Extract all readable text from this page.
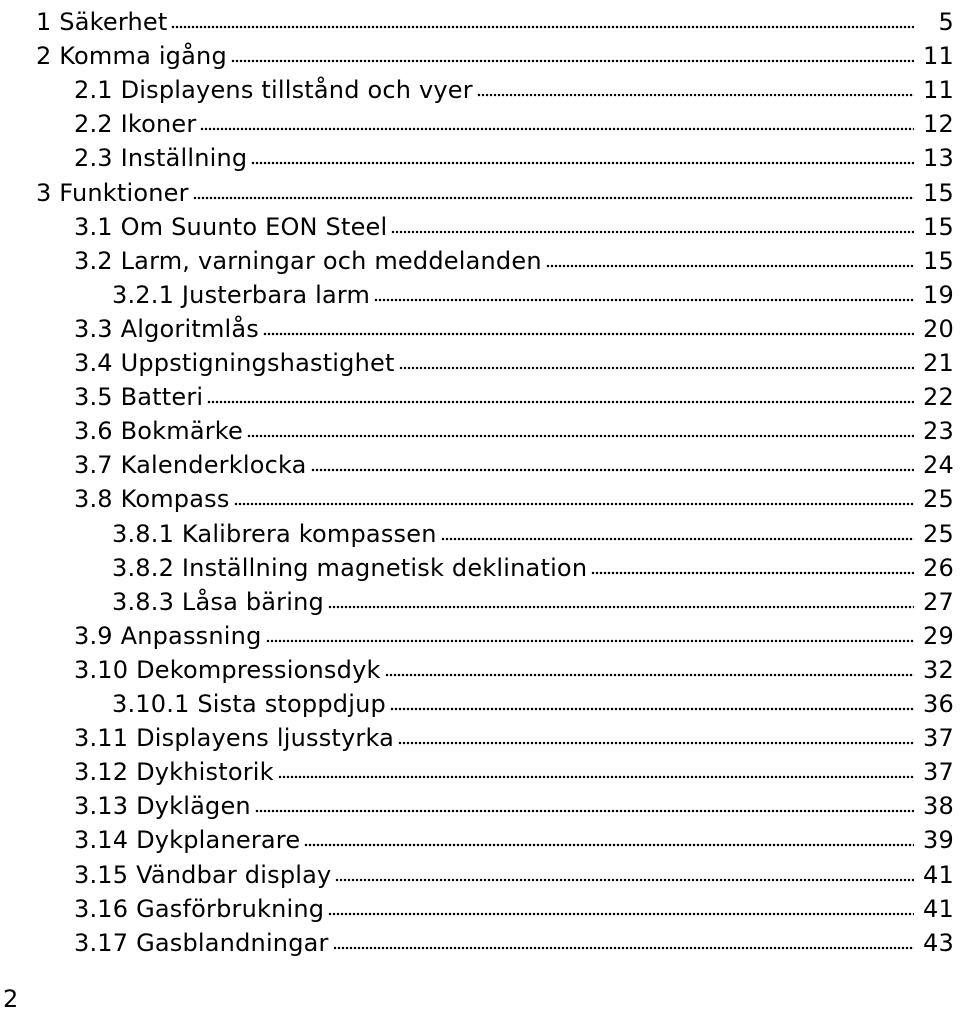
1 Säkerhet	5
2 Komma igång	11
2.1 Displayens tillstånd och vyer	11
2.2 Ikoner	12
2.3 Inställning	13
3 Funktioner	15
3.1 Om Suunto EON Steel	15
3.2 Larm, varningar och meddelanden	15
3.2.1 Justerbara larm	19
3.3 Algoritmlås	20
3.4 Uppstigningshastighet	21
3.5 Batteri	22
3.6 Bokmärke	23
3.7 Kalenderklocka	24
3.8 Kompass	25
3.8.1 Kalibrera kompassen	25
3.8.2 Inställning magnetisk deklination	26
3.8.3 Låsa bäring	27
3.9 Anpassning	29
3.10 Dekompressionsdyk	32
3.10.1 Sista stoppdjup	36
3.11 Displayens ljusstyrka	37
3.12 Dykhistorik	37
3.13 Dyklägen	38
3.14 Dykplanerare	39
3.15 Vändbar display	41
3.16 Gasförbrukning	41
3.17 Gasblandningar	43
2
